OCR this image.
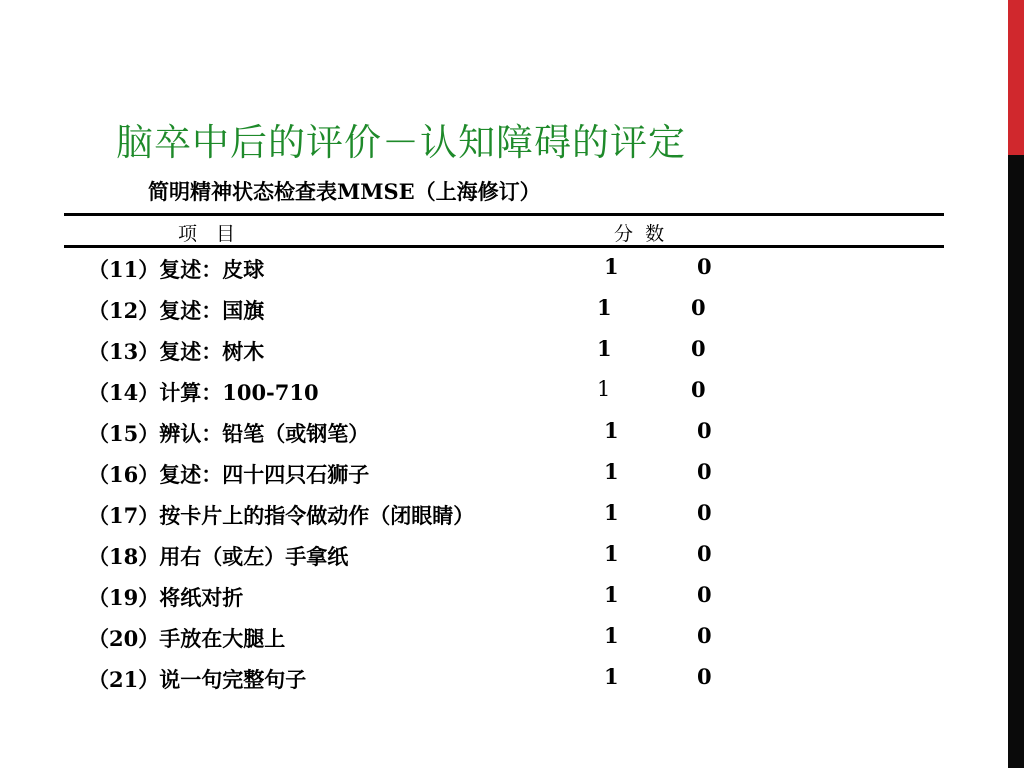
脑卒中后的评价－认知障碍的评定
简明精神状态检查表MMSE（上海修订）
项　目	分  数
（11）复述：皮球	1	0
（12）复述：国旗	1	0
（13）复述：树木	1	0
（14）计算：100-710	1	0
（15）辨认：铅笔（或钢笔）	1	0
（16）复述：四十四只石狮子	1	0
（17）按卡片上的指令做动作（闭眼睛）	1	0
（18）用右（或左）手拿纸	1	0
（19）将纸对折	1	0
（20）手放在大腿上	1	0
（21）说一句完整句子	1	0
